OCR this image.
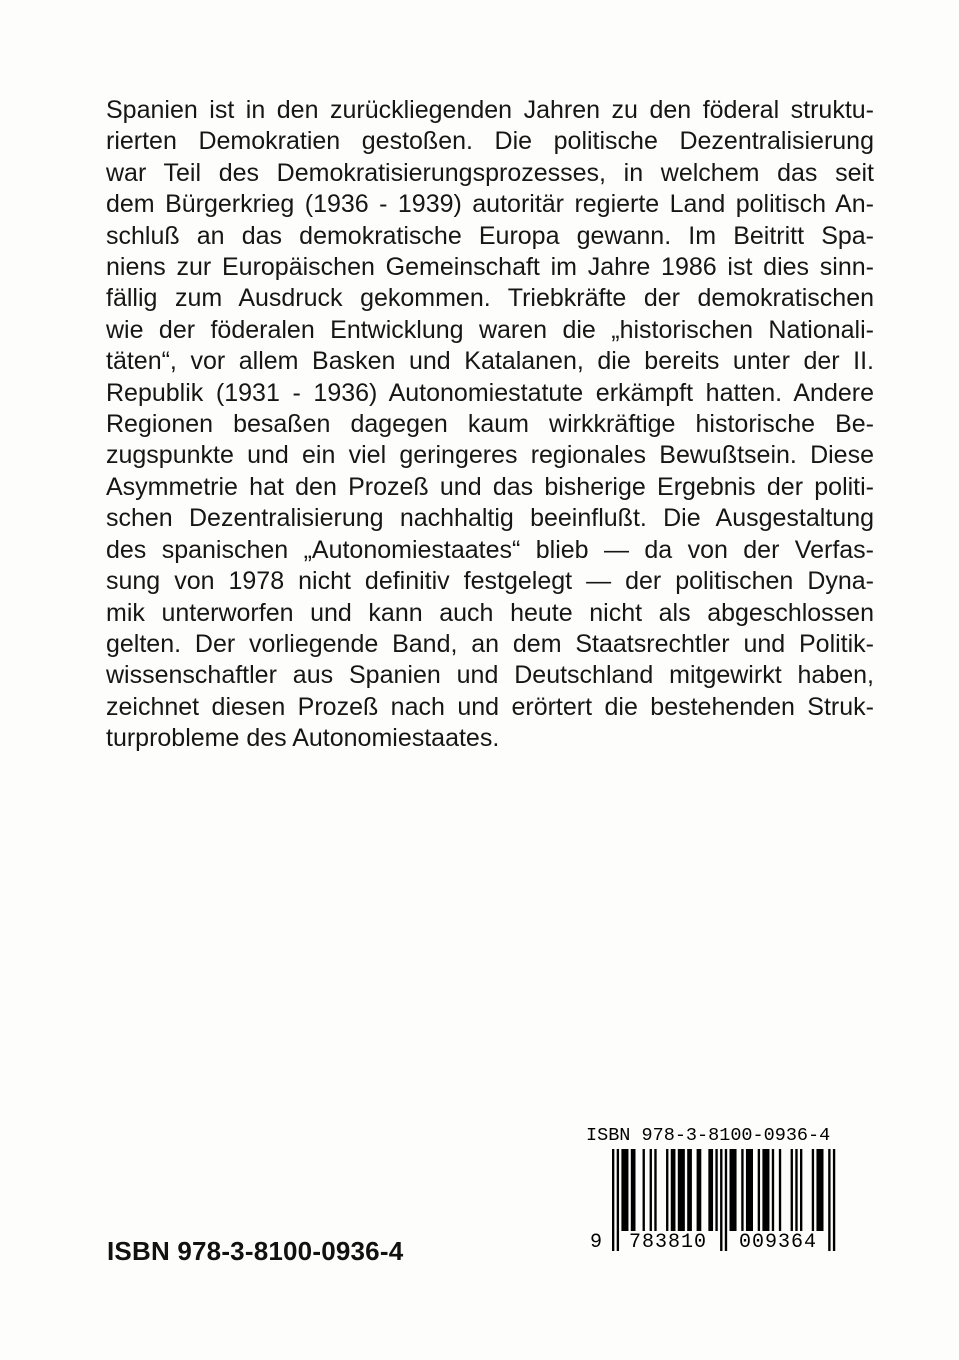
Spanien ist in den zurückliegenden Jahren zu den föderal struktu-
rierten Demokratien gestoßen. Die politische Dezentralisierung
war Teil des Demokratisierungsprozesses, in welchem das seit
dem Bürgerkrieg (1936 - 1939) autoritär regierte Land politisch An-
schluß an das demokratische Europa gewann. Im Beitritt Spa-
niens zur Europäischen Gemeinschaft im Jahre 1986 ist dies sinn-
fällig zum Ausdruck gekommen. Triebkräfte der demokratischen
wie der föderalen Entwicklung waren die „historischen Nationali-
täten“, vor allem Basken und Katalanen, die bereits unter der II.
Republik (1931 - 1936) Autonomiestatute erkämpft hatten. Andere
Regionen besaßen dagegen kaum wirkkräftige historische Be-
zugspunkte und ein viel geringeres regionales Bewußtsein. Diese
Asymmetrie hat den Prozeß und das bisherige Ergebnis der politi-
schen Dezentralisierung nachhaltig beeinflußt. Die Ausgestaltung
des spanischen „Autonomiestaates“ blieb — da von der Verfas-
sung von 1978 nicht definitiv festgelegt — der politischen Dyna-
mik unterworfen und kann auch heute nicht als abgeschlossen
gelten. Der vorliegende Band, an dem Staatsrechtler und Politik-
wissenschaftler aus Spanien und Deutschland mitgewirkt haben,
zeichnet diesen Prozeß nach und erörtert die bestehenden Struk-
turprobleme des Autonomiestaates.
ISBN 978-3-8100-0936-4
ISBN 978-3-8100-0936-4
9 783810 009364
